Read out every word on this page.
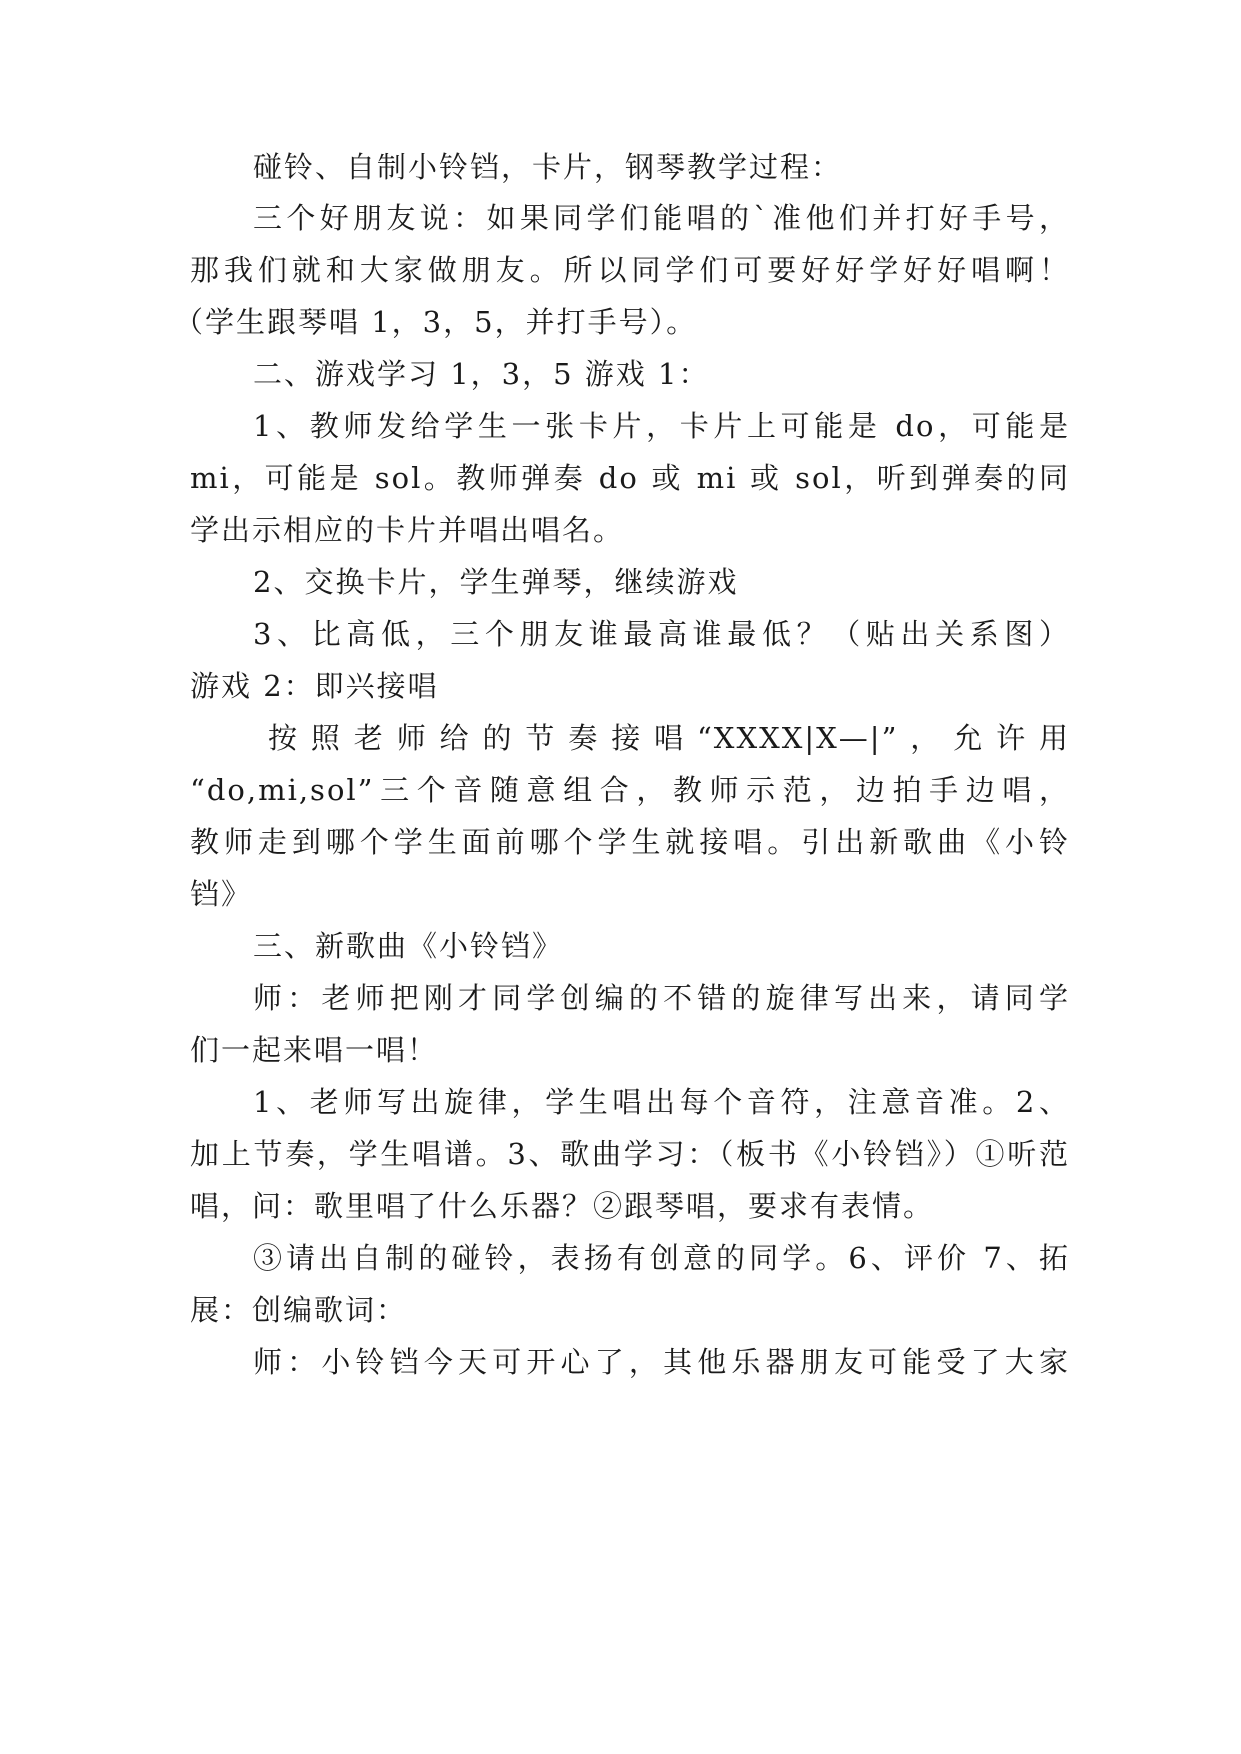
碰铃、自制小铃铛，卡片，钢琴教学过程：
三个好朋友说：如果同学们能唱的`准他们并打好手号，
那我们就和大家做朋友。所以同学们可要好好学好好唱啊！
（学生跟琴唱 1，3，5，并打手号）。
二、游戏学习 1，3，5 游戏 1：
1、教师发给学生一张卡片，卡片上可能是 do，可能是
mi，可能是 sol。教师弹奏 do 或 mi 或 sol，听到弹奏的同
学出示相应的卡片并唱出唱名。
2、交换卡片，学生弹琴，继续游戏
3、比高低，三个朋友谁最高谁最低？（贴出关系图）
游戏 2：即兴接唱
按照老师给的节奏接唱“XXXX|X—|”，允许用
“do,mi,sol”三个音随意组合，教师示范，边拍手边唱，
教师走到哪个学生面前哪个学生就接唱。引出新歌曲《小铃
铛》
三、新歌曲《小铃铛》
师：老师把刚才同学创编的不错的旋律写出来，请同学
们一起来唱一唱！
1、老师写出旋律，学生唱出每个音符，注意音准。2、
加上节奏，学生唱谱。3、歌曲学习：（板书《小铃铛》）①听范
唱，问：歌里唱了什么乐器？②跟琴唱，要求有表情。
③请出自制的碰铃，表扬有创意的同学。6、评价 7、拓
展：创编歌词：
师：小铃铛今天可开心了，其他乐器朋友可能受了大家
